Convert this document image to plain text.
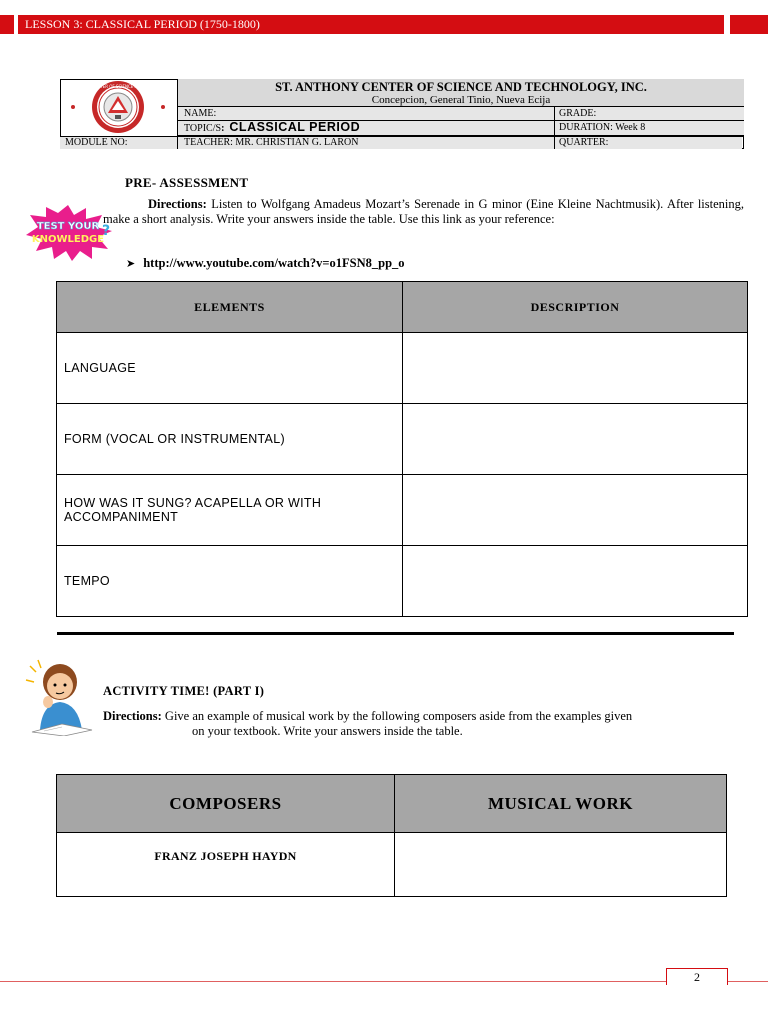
LESSON 3: CLASSICAL PERIOD (1750-1800)
ST. ANTHONY CENTER OF SCIENCE AND TECHNOLOGY	ST. ANTHONY CENTER OF SCIENCE AND TECHNOLOGY, INC.
Concepcion, General Tinio, Nueva Ecija
NAME:	GRADE:
TOPIC/S: CLASSICAL PERIOD	DURATION: Week 8
MODULE NO:	TEACHER: MR. CHRISTIAN G. LARON	QUARTER:
PRE- ASSESSMENT
TEST YOUR
KNOWLEDGE
?
Directions: Listen to Wolfgang Amadeus Mozart’s Serenade in G minor (Eine Kleine Nachtmusik). After listening, make a short analysis. Write your answers inside the table. Use this link as your reference:
➤ http://www.youtube.com/watch?v=o1FSN8_pp_o
ELEMENTS	DESCRIPTION
LANGUAGE	
FORM (VOCAL OR INSTRUMENTAL)	
HOW WAS IT SUNG? ACAPELLA OR WITH ACCOMPANIMENT	
TEMPO	
ACTIVITY TIME! (PART I)
Directions: Give an example of musical work by the following composers aside from the examples given
on your textbook. Write your answers inside the table.
COMPOSERS	MUSICAL WORK
FRANZ JOSEPH HAYDN	
2
